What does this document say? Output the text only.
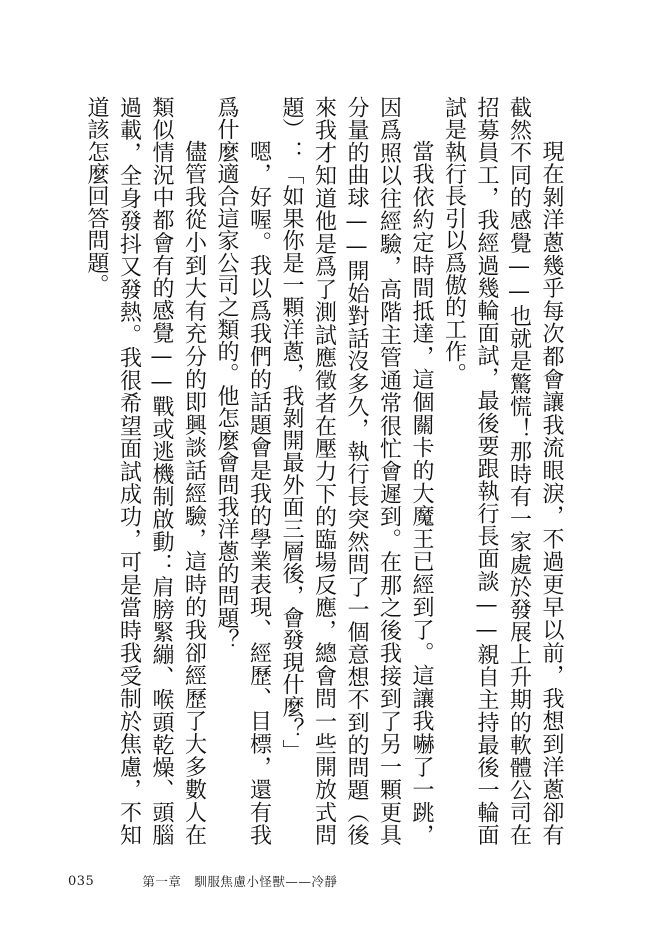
現在剝洋蔥幾乎每次都會讓我流眼淚，不過更早以前，我想到洋蔥卻有截然不同的感覺——也就是驚慌！那時有一家處於發展上升期的軟體公司在招募員工，我經過幾輪面試，最後要跟執行長面談——親自主持最後一輪面試是執行長引以爲傲的工作。

當我依約定時間抵達，這個關卡的大魔王已經到了。這讓我嚇了一跳，因爲照以往經驗，高階主管通常很忙會遲到。在那之後我接到了另一顆更具分量的曲球——開始對話沒多久，執行長突然問了一個意想不到的問題（後來我才知道他是爲了測試應徵者在壓力下的臨場反應，總會問一些開放式問題）：「如果你是一顆洋蔥，我剝開最外面三層後，會發現什麼？」

嗯，好喔。我以爲我們的話題會是我的學業表現、經歷、目標，還有我爲什麼適合這家公司之類的。他怎麼會問我洋蔥的問題？

儘管我從小到大有充分的即興談話經驗，這時的我卻經歷了大多數人在類似情況中都會有的感覺——戰或逃機制啟動：肩膀緊繃、喉頭乾燥、頭腦過載，全身發抖又發熱。我很希望面試成功，可是當時我受制於焦慮，不知道該怎麼回答問題。

035	第一章　馴服焦慮小怪獸——冷靜
